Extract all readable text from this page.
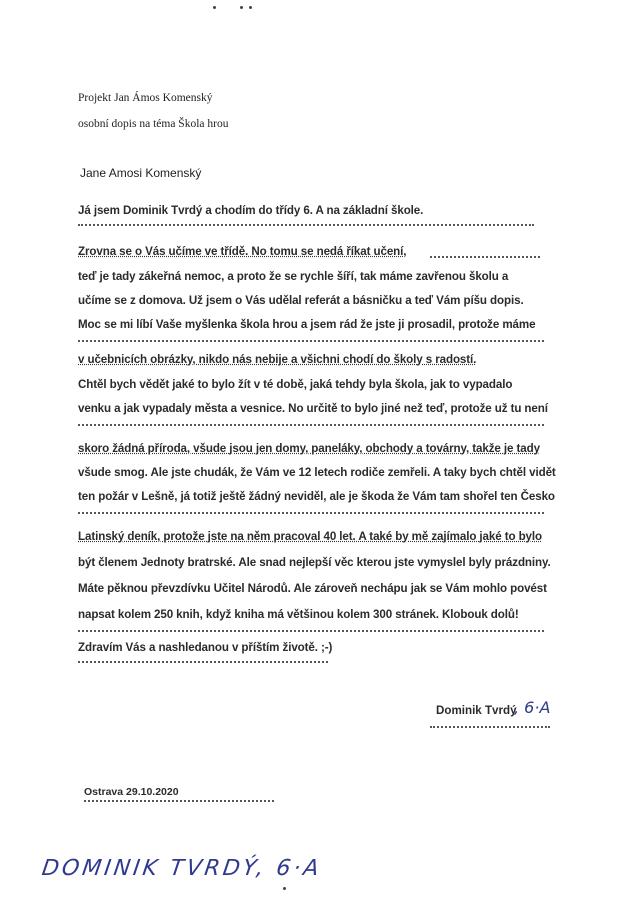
Projekt Jan Ámos Komenský
osobní dopis na téma Škola hrou
Jane Amosi Komenský
Já jsem Dominik Tvrdý a chodím do třídy 6. A na základní škole.
Zrovna se o Vás učíme ve třídě. No tomu se nedá říkat učení,
teď je tady zákeřná nemoc, a proto že se rychle šíří, tak máme zavřenou školu a
učíme se z domova. Už jsem o Vás udělal referát a básničku a teď Vám píšu dopis.
Moc se mi líbí Vaše myšlenka škola hrou a jsem rád že jste ji prosadil, protože máme
v učebnicích obrázky, nikdo nás nebije a všichni chodí do školy s radostí.
Chtěl bych vědět jaké to bylo žít v té době, jaká tehdy byla škola, jak to vypadalo
venku a jak vypadaly města a vesnice. No určitě to bylo jiné než teď, protože už tu není
skoro žádná příroda, všude jsou jen domy, paneláky, obchody a továrny, takže je tady
všude smog. Ale jste chudák, že Vám ve 12 letech rodiče zemřeli. A taky bych chtěl vidět
ten požár v Lešně, já totiž ještě žádný neviděl, ale je škoda že Vám tam shořel ten Česko
Latinský deník, protože jste na něm pracoval 40 let. A také by mě zajímalo jaké to bylo
být členem Jednoty bratrské. Ale snad nejlepší věc kterou jste vymyslel byly prázdniny.
Máte pěknou převzdívku Učitel Národů. Ale zároveň nechápu jak se Vám mohlo povést
napsat kolem 250 knih, když kniha má většinou kolem 300 stránek. Klobouk dolů!
Zdravím Vás a nashledanou v příštím životě. ;-)
Dominik Tvrdý
, 6·A
Ostrava 29.10.2020
DOMINIK TVRDÝ, 6·A
